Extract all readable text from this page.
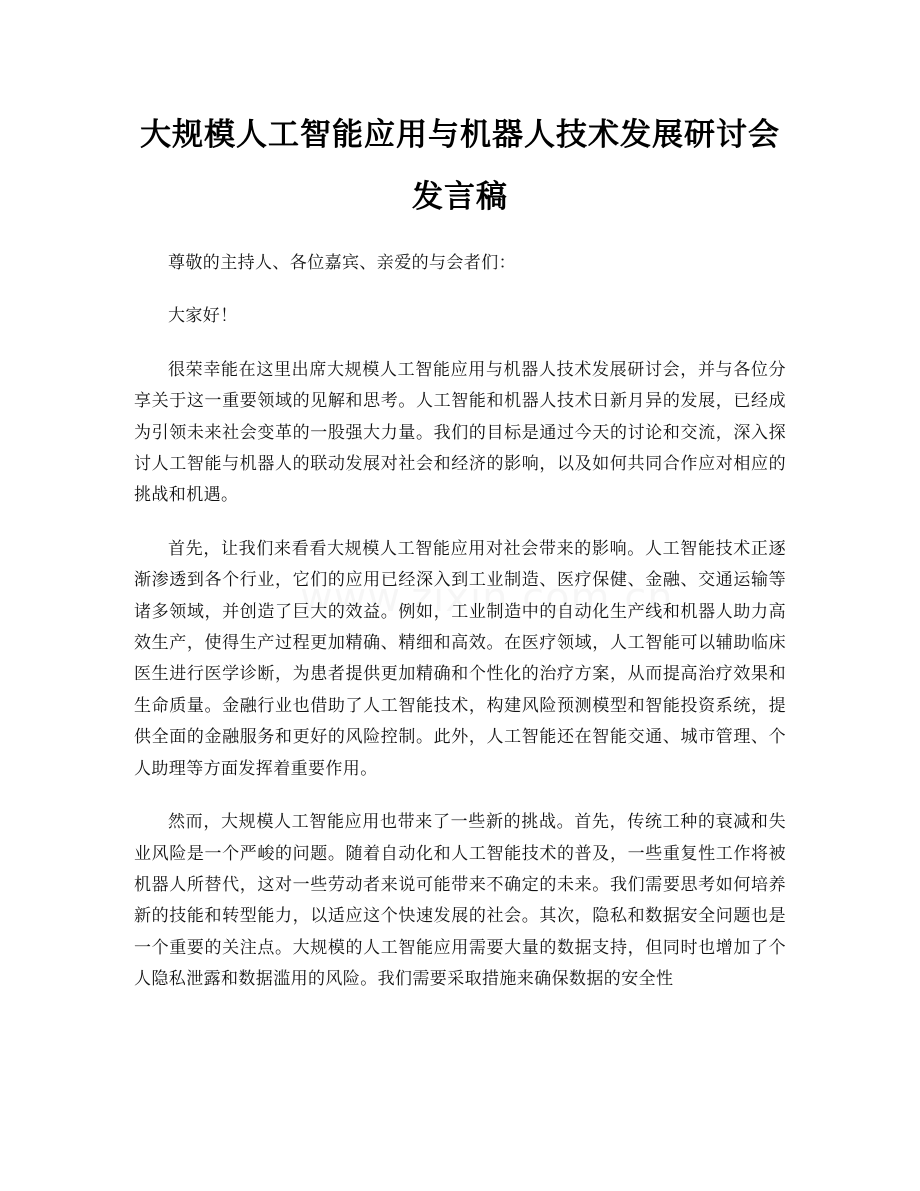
大规模人工智能应用与机器人技术发展研讨会发言稿

尊敬的主持人、各位嘉宾、亲爱的与会者们：

大家好！

很荣幸能在这里出席大规模人工智能应用与机器人技术发展研讨会，并与各位分享关于这一重要领域的见解和思考。人工智能和机器人技术日新月异的发展，已经成为引领未来社会变革的一股强大力量。我们的目标是通过今天的讨论和交流，深入探讨人工智能与机器人的联动发展对社会和经济的影响，以及如何共同合作应对相应的挑战和机遇。

首先，让我们来看看大规模人工智能应用对社会带来的影响。人工智能技术正逐渐渗透到各个行业，它们的应用已经深入到工业制造、医疗保健、金融、交通运输等诸多领域，并创造了巨大的效益。例如，工业制造中的自动化生产线和机器人助力高效生产，使得生产过程更加精确、精细和高效。在医疗领域，人工智能可以辅助临床医生进行医学诊断，为患者提供更加精确和个性化的治疗方案，从而提高治疗效果和生命质量。金融行业也借助了人工智能技术，构建风险预测模型和智能投资系统，提供全面的金融服务和更好的风险控制。此外，人工智能还在智能交通、城市管理、个人助理等方面发挥着重要作用。

然而，大规模人工智能应用也带来了一些新的挑战。首先，传统工种的衰减和失业风险是一个严峻的问题。随着自动化和人工智能技术的普及，一些重复性工作将被机器人所替代，这对一些劳动者来说可能带来不确定的未来。我们需要思考如何培养新的技能和转型能力，以适应这个快速发展的社会。其次，隐私和数据安全问题也是一个重要的关注点。大规模的人工智能应用需要大量的数据支持，但同时也增加了个人隐私泄露和数据滥用的风险。我们需要采取措施来确保数据的安全性
